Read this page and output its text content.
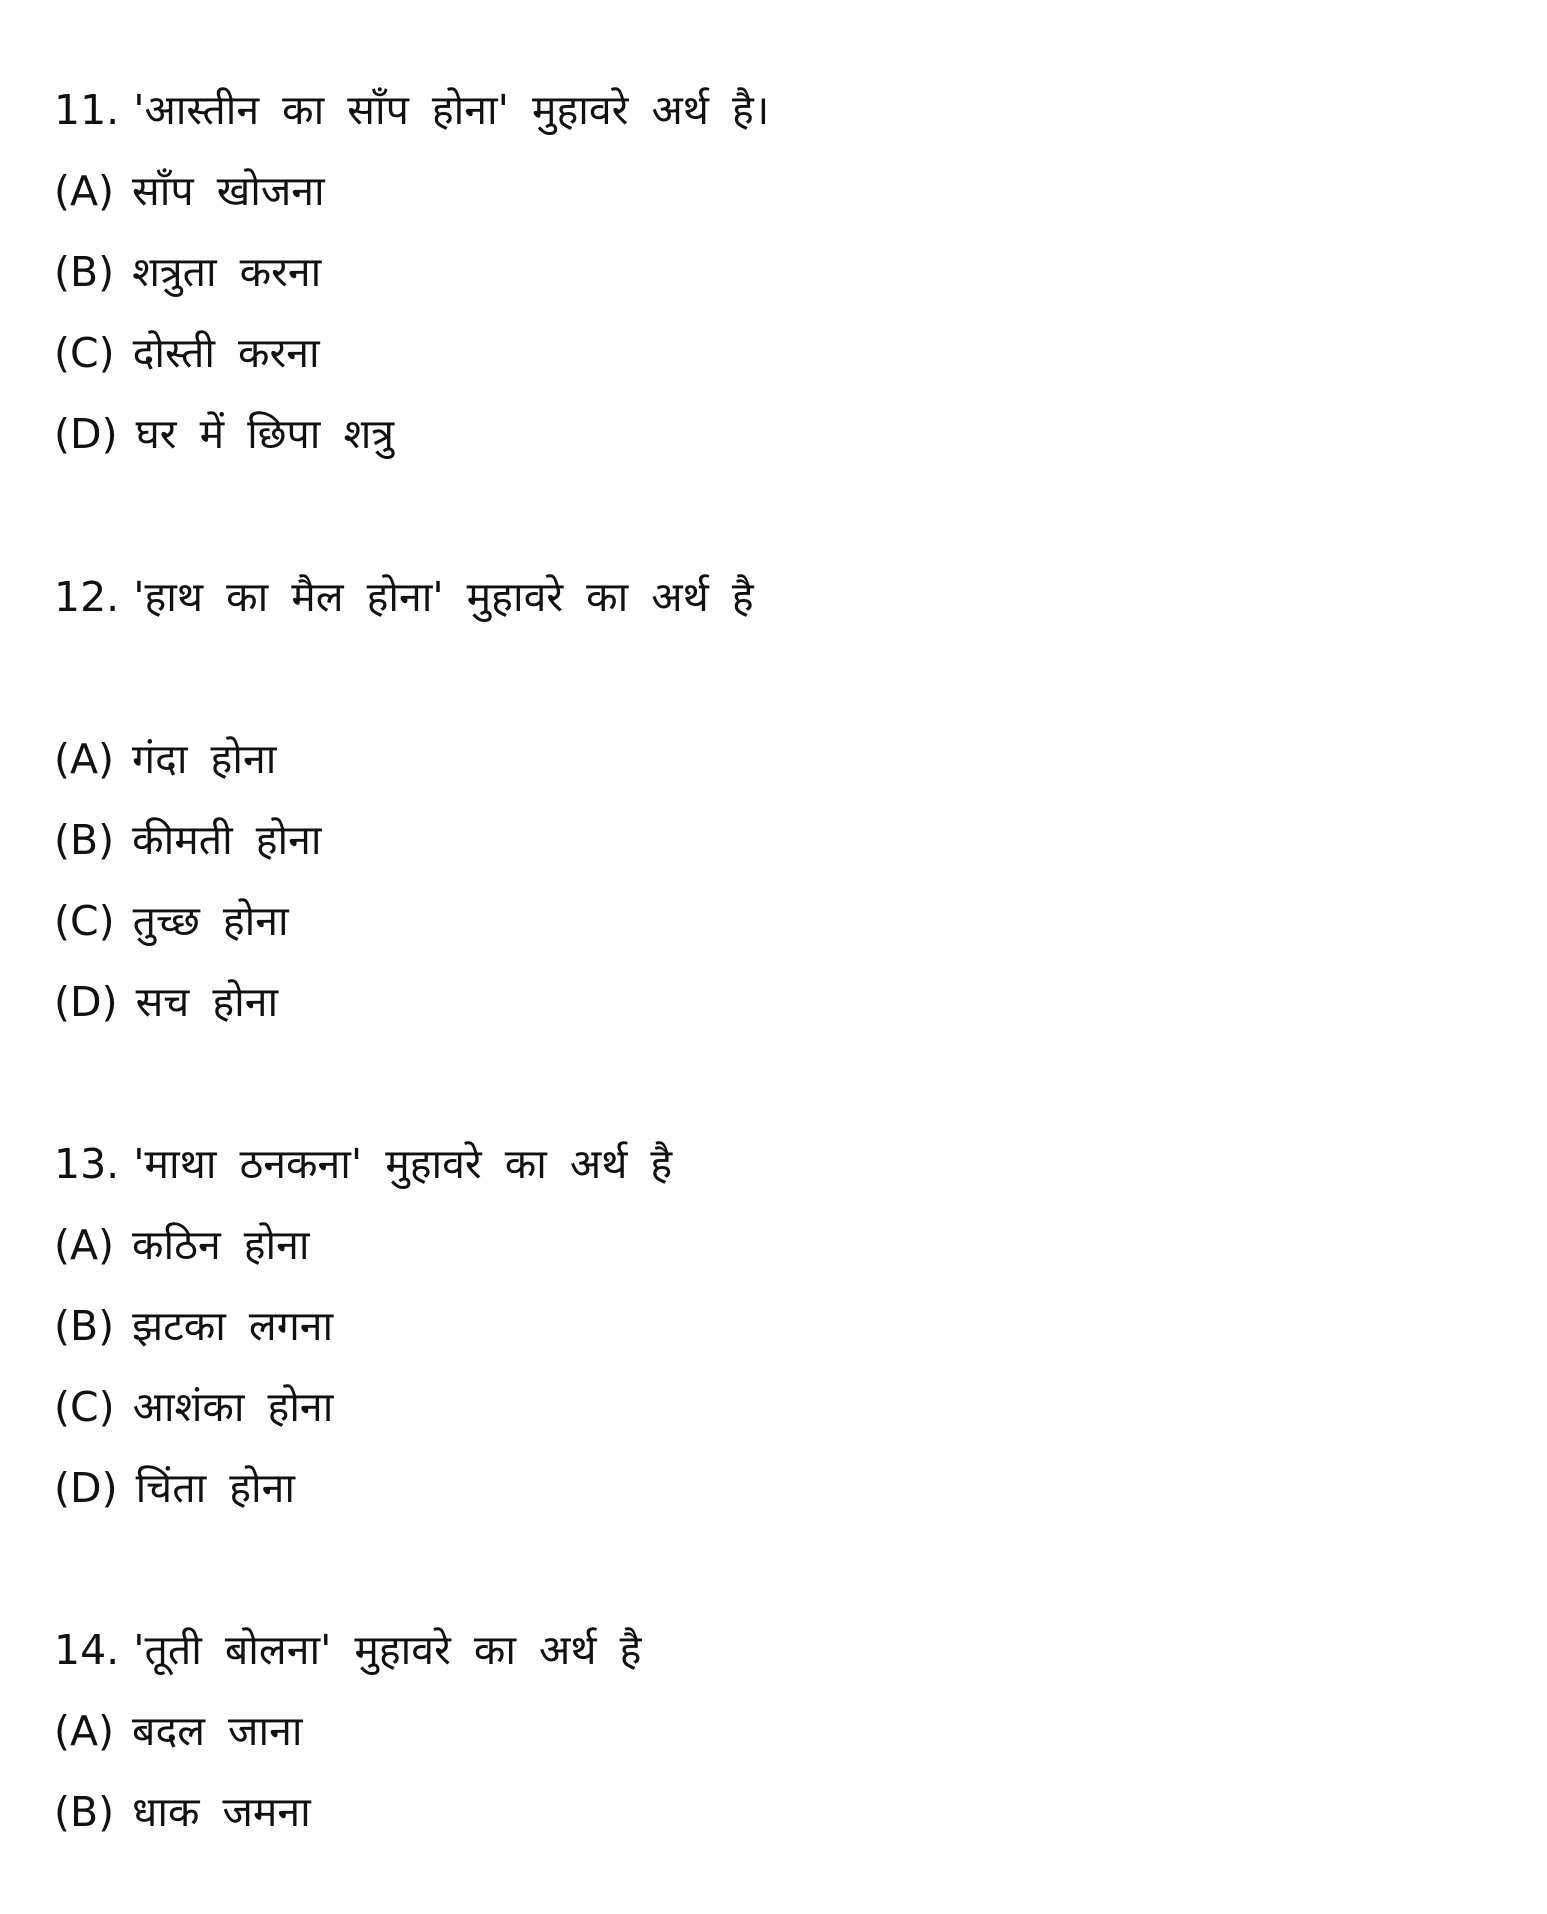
11. 'आस्तीन का साँप होना' मुहावरे अर्थ है।
(A) साँप खोजना
(B) शत्रुता करना
(C) दोस्ती करना
(D) घर में छिपा शत्रु
12. 'हाथ का मैल होना' मुहावरे का अर्थ है
(A) गंदा होना
(B) कीमती होना
(C) तुच्छ होना
(D) सच होना
13. 'माथा ठनकना' मुहावरे का अर्थ है
(A) कठिन होना
(B) झटका लगना
(C) आशंका होना
(D) चिंता होना
14. 'तूती बोलना' मुहावरे का अर्थ है
(A) बदल जाना
(B) धाक जमना
